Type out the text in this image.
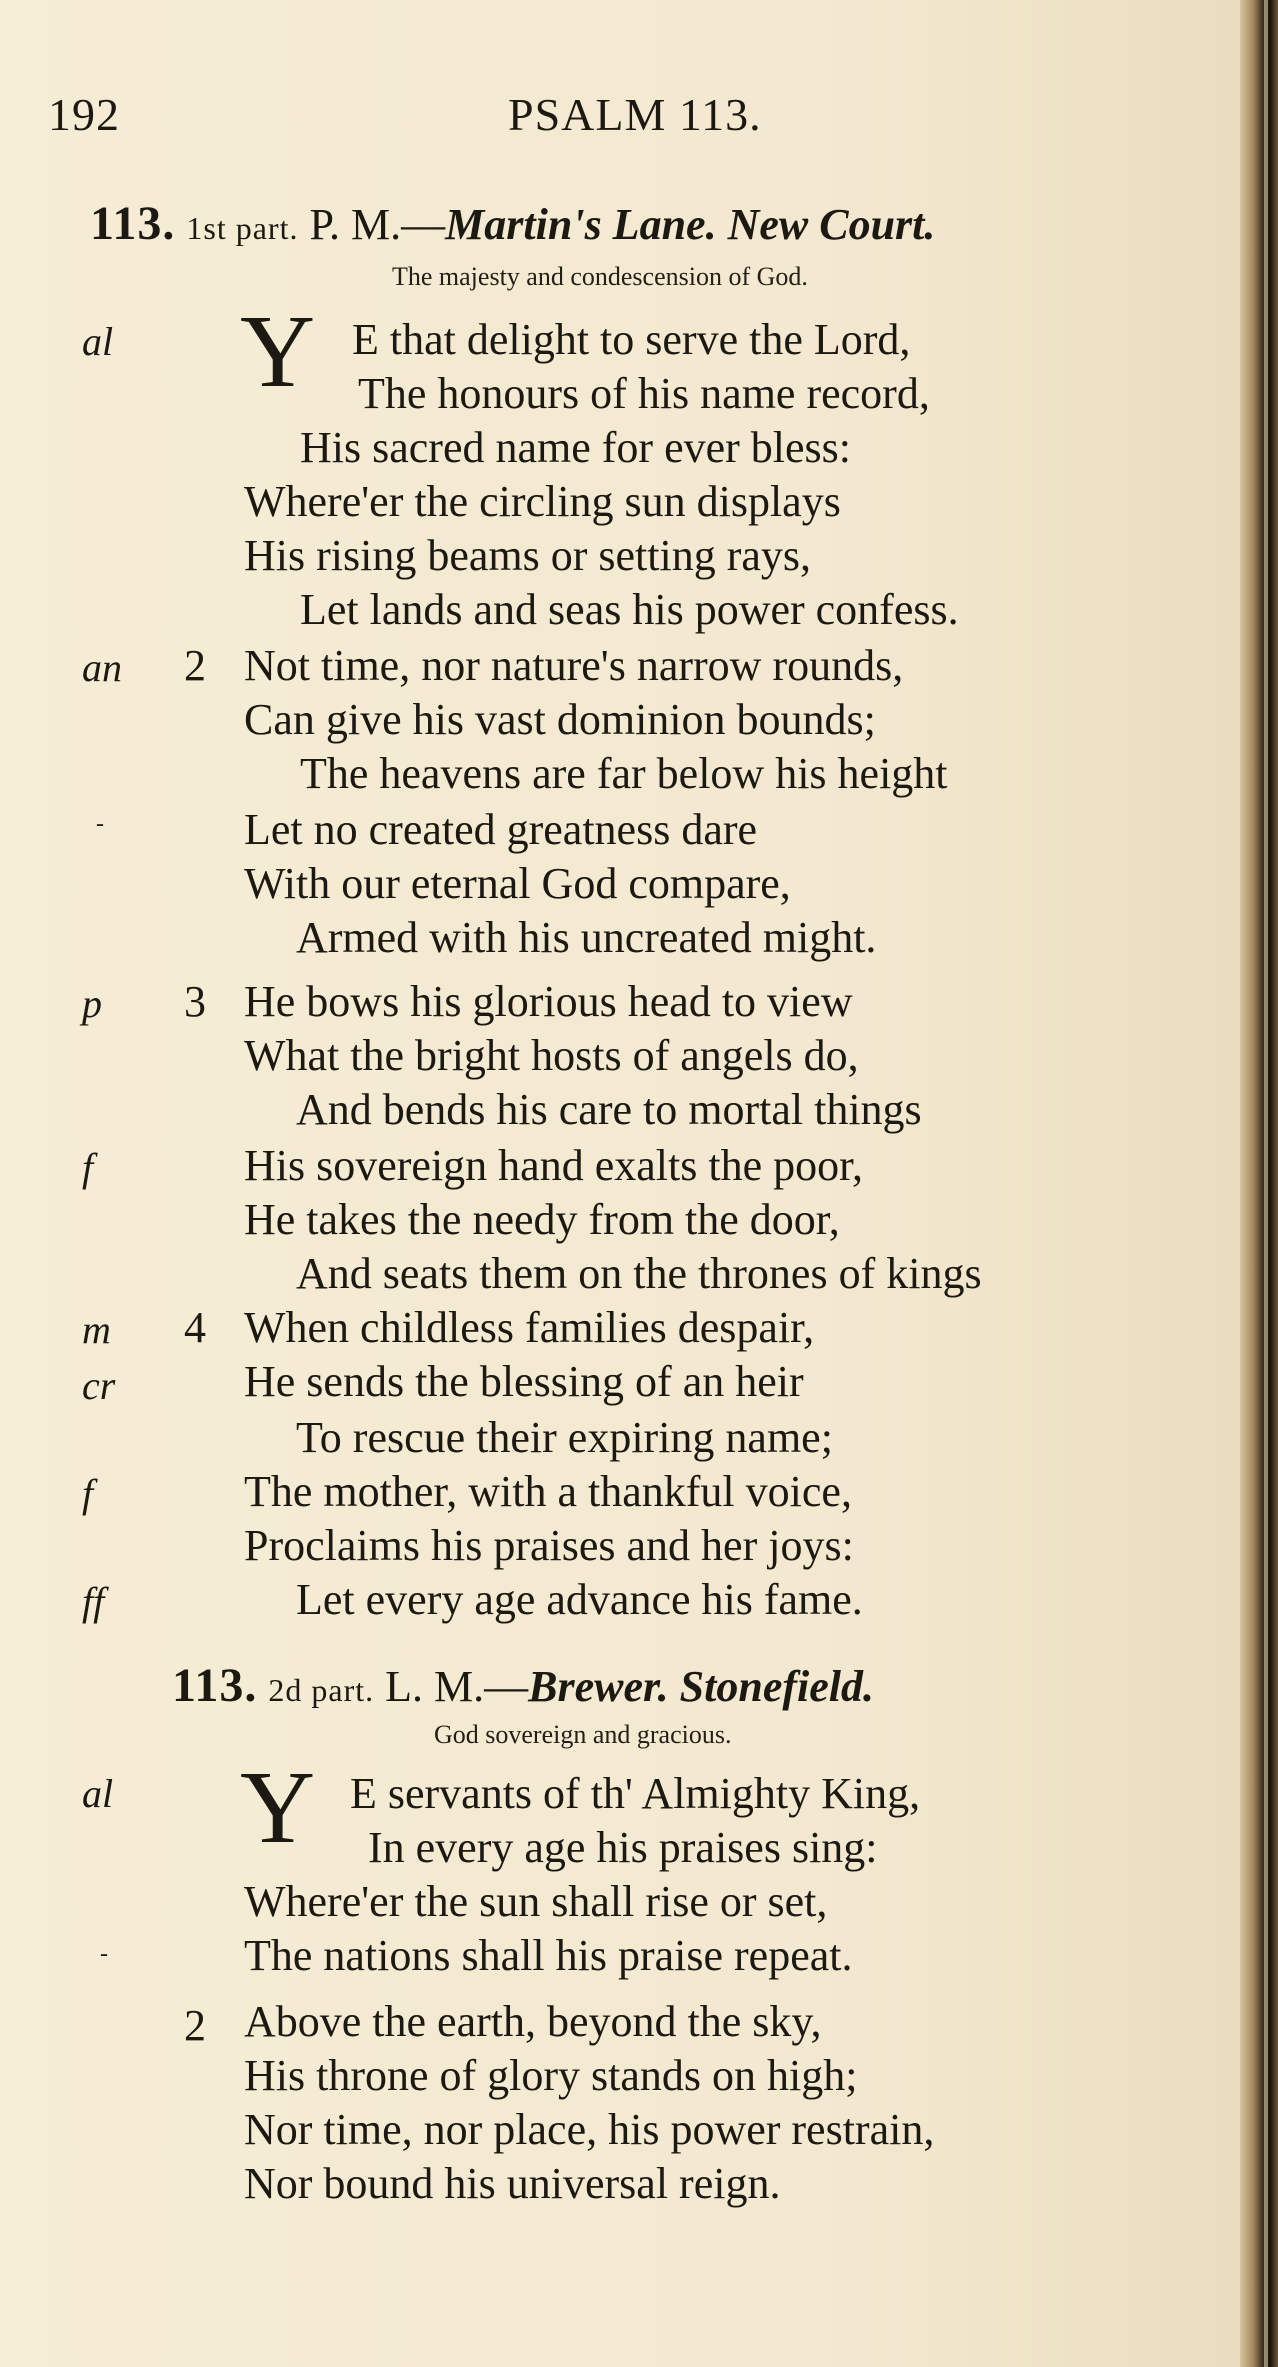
192	PSALM 113.
113. 1st part. P. M.—Martin's Lane. New Court.
The majesty and condescension of God.
Y
al
an
-
p
f
m
cr
f
ff
2
3
4
E that delight to serve the Lord,
The honours of his name record,
His sacred name for ever bless:
Where'er the circling sun displays
His rising beams or setting rays,
Let lands and seas his power confess.
Not time, nor nature's narrow rounds,
Can give his vast dominion bounds;
The heavens are far below his height
Let no created greatness dare
With our eternal God compare,
Armed with his uncreated might.
He bows his glorious head to view
What the bright hosts of angels do,
And bends his care to mortal things
His sovereign hand exalts the poor,
He takes the needy from the door,
And seats them on the thrones of kings
When childless families despair,
He sends the blessing of an heir
To rescue their expiring name;
The mother, with a thankful voice,
Proclaims his praises and her joys:
Let every age advance his fame.
113. 2d part. L. M.—Brewer. Stonefield.
God sovereign and gracious.
Y
al
-
2
E servants of th' Almighty King,
In every age his praises sing:
Where'er the sun shall rise or set,
The nations shall his praise repeat.
Above the earth, beyond the sky,
His throne of glory stands on high;
Nor time, nor place, his power restrain,
Nor bound his universal reign.
